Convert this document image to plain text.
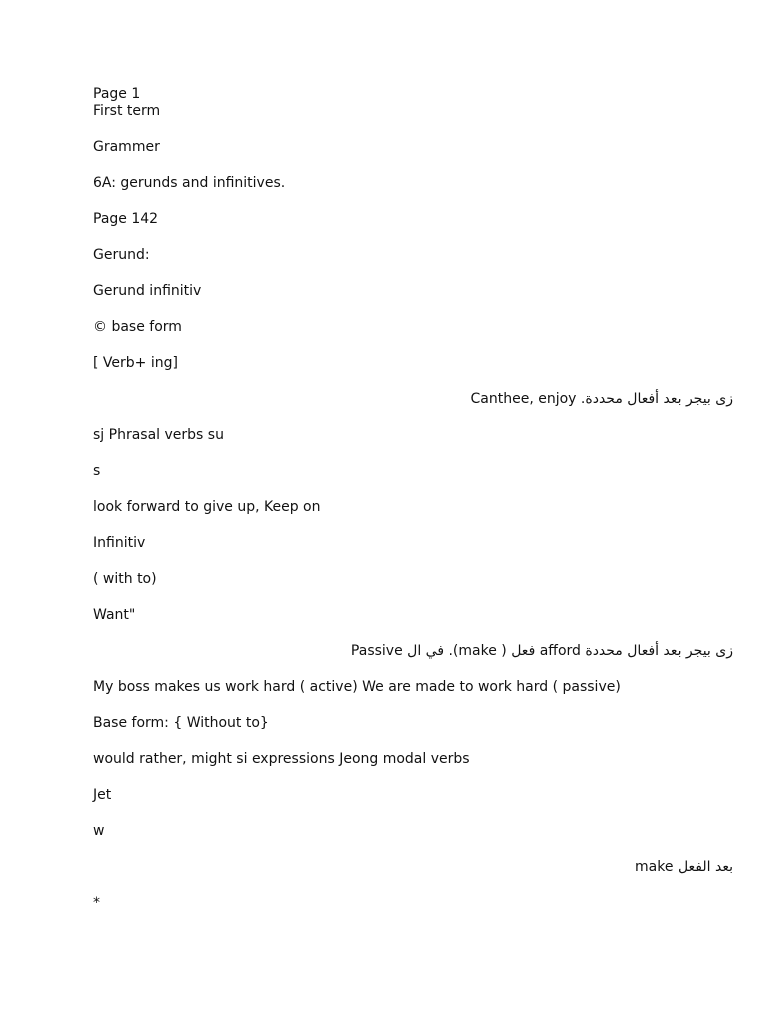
Page 1

First term

Grammer

6A: gerunds and infinitives.

Page 142

Gerund:

Gerund infinitiv

© base form

[ Verb+ ing]

زى بيجر بعد أفعال محددة. Canthee, enjoy

sj Phrasal verbs su

s

look forward to give up, Keep on

Infinitiv

( with to)

Want"

زى بيجر بعد أفعال محددة afford فعل ( make). في ال Passive

My boss makes us work hard ( active) We are made to work hard ( passive)

Base form: { Without to}

would rather, might si expressions Jeong modal verbs

Jet

w

بعد الفعل make

*
